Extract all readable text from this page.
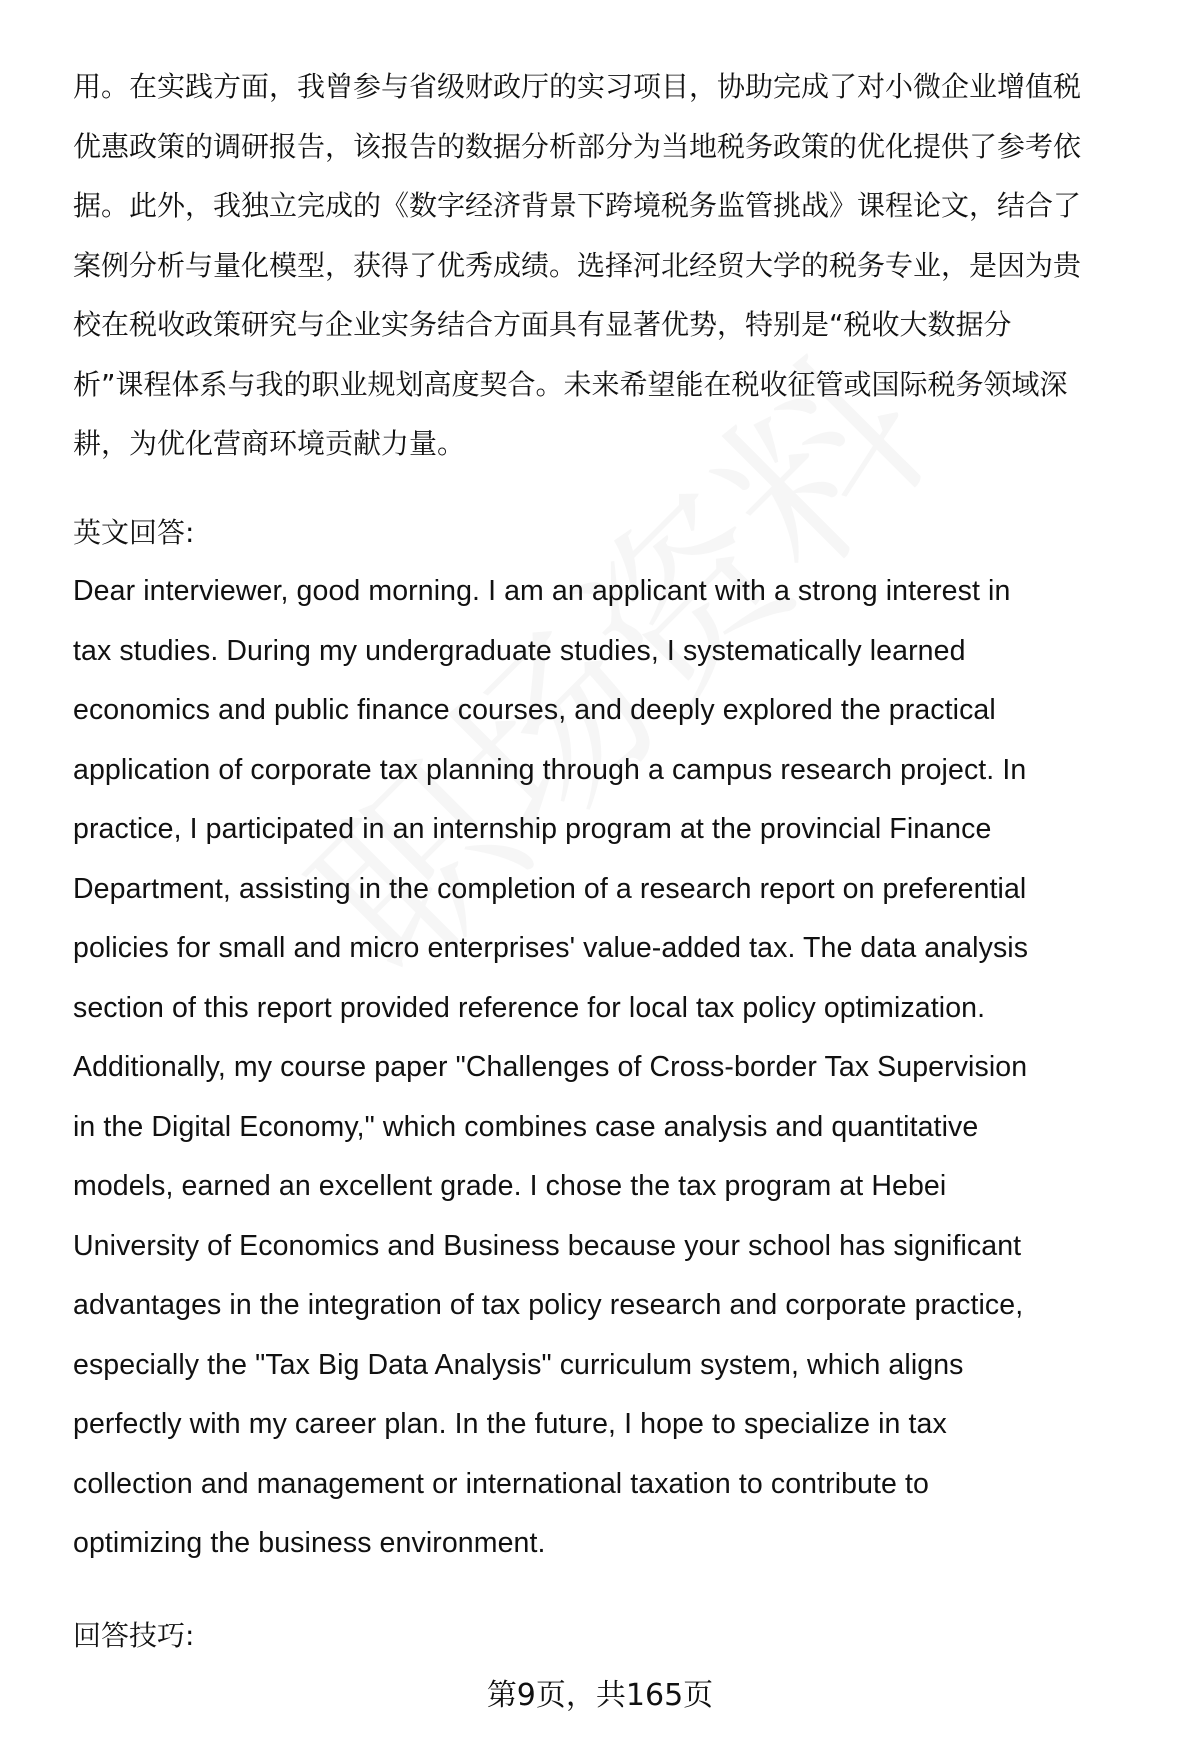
用。在实践方面，我曾参与省级财政厅的实习项目，协助完成了对小微企业增值税
优惠政策的调研报告，该报告的数据分析部分为当地税务政策的优化提供了参考依
据。此外，我独立完成的《数字经济背景下跨境税务监管挑战》课程论文，结合了
案例分析与量化模型，获得了优秀成绩。选择河北经贸大学的税务专业，是因为贵
校在税收政策研究与企业实务结合方面具有显著优势，特别是“税收大数据分
析”课程体系与我的职业规划高度契合。未来希望能在税收征管或国际税务领域深
耕，为优化营商环境贡献力量。
英文回答:
Dear interviewer, good morning. I am an applicant with a strong interest in
tax studies. During my undergraduate studies, I systematically learned
economics and public finance courses, and deeply explored the practical
application of corporate tax planning through a campus research project. In
practice, I participated in an internship program at the provincial Finance
Department, assisting in the completion of a research report on preferential
policies for small and micro enterprises' value-added tax. The data analysis
section of this report provided reference for local tax policy optimization.
Additionally, my course paper "Challenges of Cross-border Tax Supervision
in the Digital Economy," which combines case analysis and quantitative
models, earned an excellent grade. I chose the tax program at Hebei
University of Economics and Business because your school has significant
advantages in the integration of tax policy research and corporate practice,
especially the "Tax Big Data Analysis" curriculum system, which aligns
perfectly with my career plan. In the future, I hope to specialize in tax
collection and management or international taxation to contribute to
optimizing the business environment.
回答技巧:
第9页，共165页
